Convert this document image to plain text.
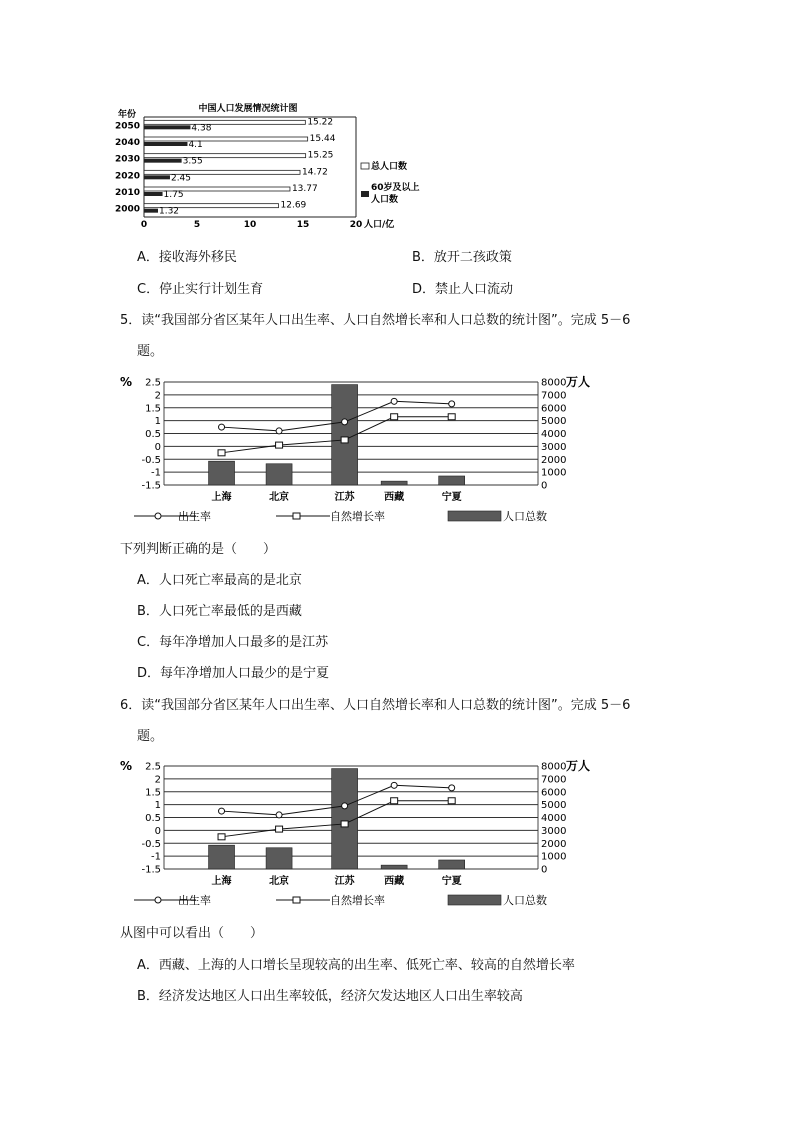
中国人口发展情况统计图
年份
0	5	10	15	20 人口/亿
2050	15.22
4.38
2040	15.44
4.1
2030	15.25
3.55
2020	14.72
2.45
2010	13.77
1.75
2000	12.69
1.32
总人口数
60岁及以上
人口数
A．接收海外移民	B．放开二孩政策
C．停止实行计划生育	D．禁止人口流动
5．读“我国部分省区某年人口出生率、人口自然增长率和人口总数的统计图”。完成 5－6
题。
%	万人
2.5
2
1.5
1
0.5
0
-0.5
-1
-1.5
8000
7000
6000
5000
4000
3000
2000
1000
0
上海	北京	江苏	西藏	宁夏
出生率	自然增长率	人口总数
下列判断正确的是（　　）
A．人口死亡率最高的是北京
B．人口死亡率最低的是西藏
C．每年净增加人口最多的是江苏
D．每年净增加人口最少的是宁夏
6．读“我国部分省区某年人口出生率、人口自然增长率和人口总数的统计图”。完成 5－6
题。
%	万人
2.5
2
1.5
1
0.5
0
-0.5
-1
-1.5
8000
7000
6000
5000
4000
3000
2000
1000
0
上海	北京	江苏	西藏	宁夏
出生率	自然增长率	人口总数
从图中可以看出（　　）
A．西藏、上海的人口增长呈现较高的出生率、低死亡率、较高的自然增长率
B．经济发达地区人口出生率较低，经济欠发达地区人口出生率较高
